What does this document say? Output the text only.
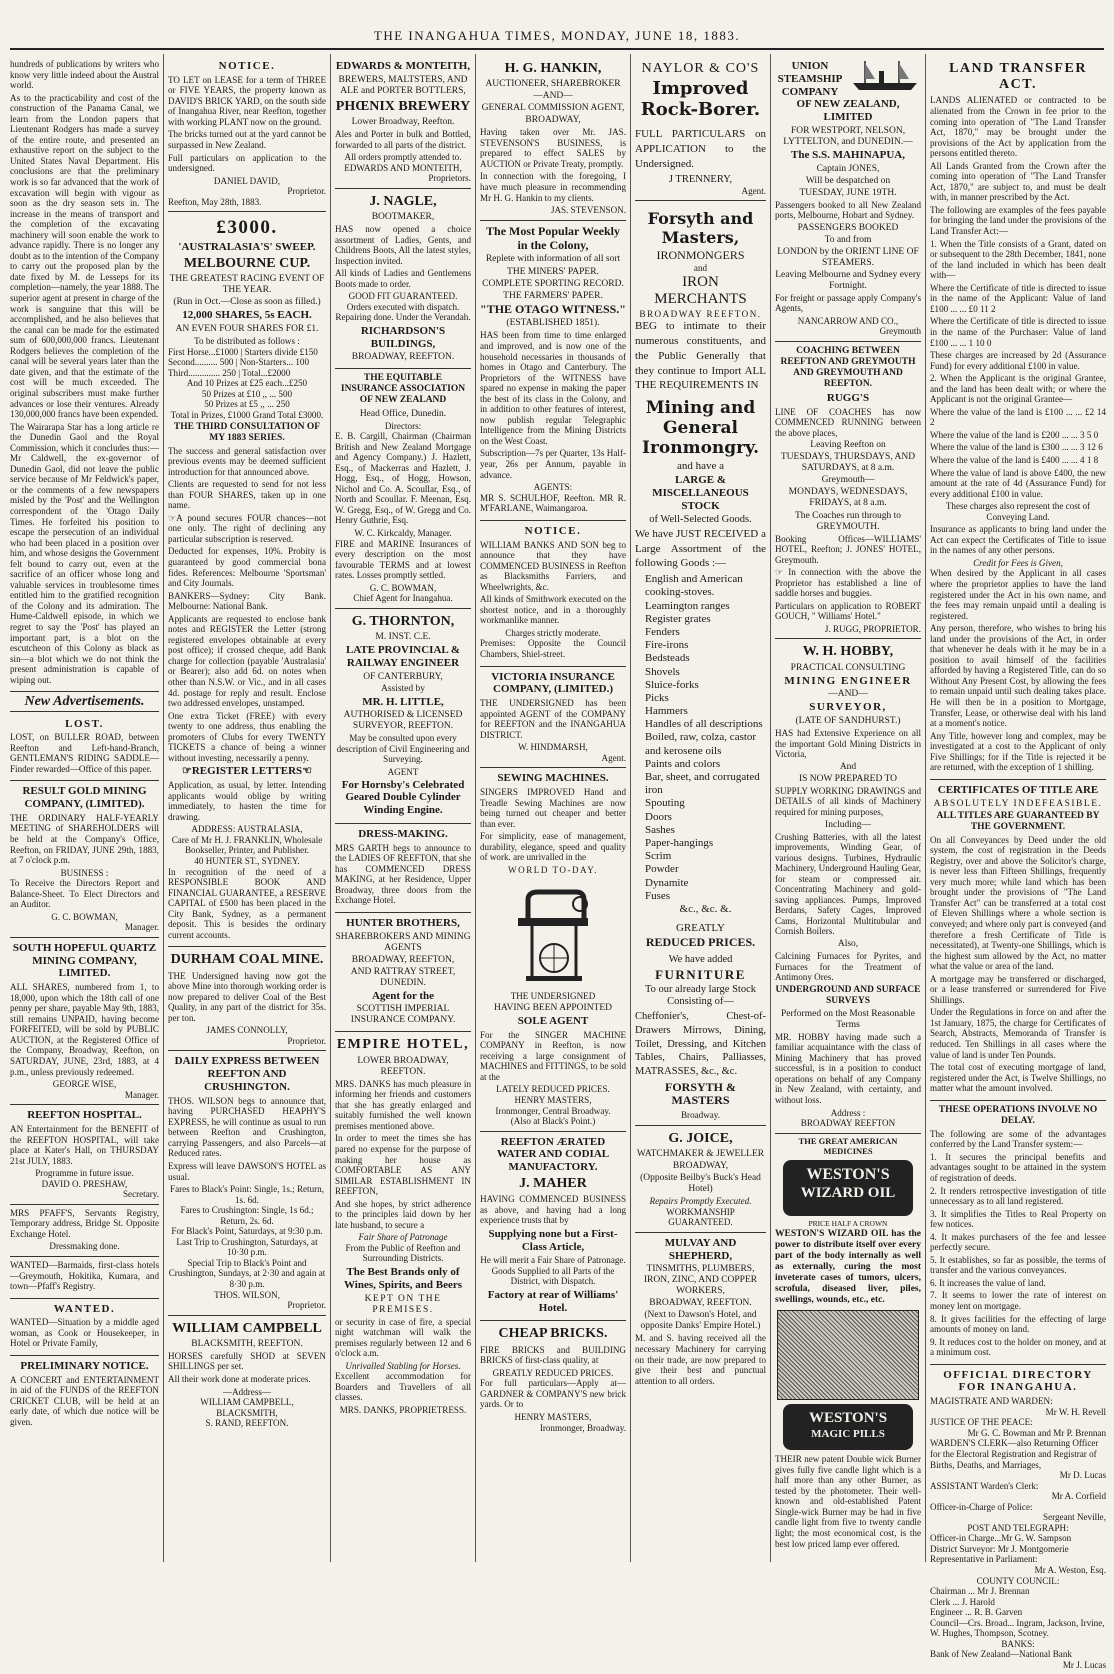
THE INANGAHUA TIMES, MONDAY, JUNE 18, 1883.

hundreds of publications by writers who know very little indeed about the Austral world.

As to the practicability and cost of the construction of the Panama Canal, we learn from the London papers that Lieutenant Rodgers has made a survey of the entire route, and presented an exhaustive report on the subject to the United States Naval Department. His conclusions are that the preliminary work is so far advanced that the work of excavation will begin with vigour as soon as the dry season sets in. The increase in the means of transport and the completion of the excavating machinery will soon enable the work to advance rapidly. There is no longer any doubt as to the intention of the Company to carry out the proposed plan by the date fixed by M. de Lesseps for its completion—namely, the year 1888. The superior agent at present in charge of the work is sanguine that this will be accomplished, and he also believes that the canal can be made for the estimated sum of 600,000,000 francs. Lieutenant Rodgers believes the completion of the canal will be several years later than the date given, and that the estimate of the cost will be much exceeded. The original subscribers must make further advances or lose their ventures. Already 130,000,000 francs have been expended.

The Wairarapa Star has a long article re the Dunedin Gaol and the Royal Commission, which it concludes thus:—Mr Caldwell, the ex-governor of Dunedin Gaol, did not leave the public service because of Mr Feldwick's paper, or the comments of a few newspapers misled by the 'Post' and the Wellington correspondent of the 'Otago Daily Times. He forfeited his position to escape the persecution of an individual who had been placed in a position over him, and whose designs the Government felt bound to carry out, even at the sacrifice of an officer whose long and valuable services in troublesome times entitled him to the gratified recognition of the Colony and its admiration. The Hume-Caldwell episode, in which we regret to say the 'Post' has played an important part, is a blot on the escutcheon of this Colony as black as sin—a blot which we do not think the present administration is capable of wiping out.

New Advertisements.
LOST.

LOST, on BULLER ROAD, between Reefton and Left-hand-Branch, GENTLEMAN'S RIDING SADDLE—Finder rewarded—Office of this paper.

RESULT GOLD MINING COMPANY, (LIMITED).

THE ORDINARY HALF-YEARLY MEETING of SHAREHOLDERS will be held at the Company's Office, Reefton, on FRIDAY, JUNE 29th, 1883, at 7 o'clock p.m.

BUSINESS :

To Receive the Directors Report and Balance-Sheet. To Elect Directors and an Auditor.

G. C. BOWMAN,
Manager.
SOUTH HOPEFUL QUARTZ MINING COMPANY, LIMITED.

ALL SHARES, numbered from 1, to 18,000, upon which the 18th call of one penny per share, payable May 9th, 1883, still remains UNPAID, having become FORFEITED, will be sold by PUBLIC AUCTION, at the Registered Office of the Company, Broadway, Reefton, on SATURDAY, JUNE, 23rd, 1883, at 4 p.m., unless previously redeemed.

GEORGE WISE,
Manager.
REEFTON HOSPITAL.

AN Entertainment for the BENEFIT of the REEFTON HOSPITAL, will take place at Kater's Hall, on THURSDAY 21st JULY, 1883.

Programme in future issue.
DAVID O. PRESHAW,
Secretary.

MRS PFAFF'S, Servants Registry, Temporary address, Bridge St. Opposite Exchange Hotel.

Dressmaking done.

WANTED—Barmaids, first-class hotels—Greymouth, Hokitika, Kumara, and town—Pfaff's Registry.

WANTED.

WANTED—Situation by a middle aged woman, as Cook or Housekeeper, in Hotel or Private Family,

PRELIMINARY NOTICE.

A CONCERT and ENTERTAINMENT in aid of the FUNDS of the REEFTON CRICKET CLUB, will be held at an early date, of which due notice will be given.

NOTICE.

TO LET on LEASE for a term of THREE or FIVE YEARS, the property known as DAVID'S BRICK YARD, on the south side of Inangahua River, near Reefton, together with working PLANT now on the ground.

The bricks turned out at the yard cannot be surpassed in New Zealand.

Full particulars on application to the undersigned.

DANIEL DAVID,
Proprietor.
Reefton, May 28th, 1883.
£3000.
'AUSTRALASIA'S' SWEEP.
MELBOURNE CUP.
THE GREATEST RACING EVENT OF THE YEAR.
(Run in Oct.—Close as soon as filled.)
12,000 SHARES, 5s EACH.
AN EVEN FOUR SHARES FOR £1.
To be distributed as follows :
First Horse...£1000 | Starters divide £150
Second.......... 500 | Non-Starters... 100
Third.............. 250 | Total...£2000
And 10 Prizes at £25 each...£250
50 Prizes at £10 ,, ... 500
50 Prizes at £5 ,, ... 250
Total in Prizes, £1000 Grand Total £3000.
THE THIRD CONSULTATION OF MY 1883 SERIES.

The success and general satisfaction over previous events may be deemed sufficient introduction for that announced above.

Clients are requested to send for not less than FOUR SHARES, taken up in one name.

☞A pound secures FOUR chances—not one only. The right of declining any particular subscription is reserved.

Deducted for expenses, 10%. Probity is guaranteed by good commercial bona fides. References: Melbourne 'Sportsman' and City Journals.

BANKERS—Sydney: City Bank. Melbourne: National Bank.

Applicants are requested to enclose bank notes and REGISTER the Letter (strong registered envelopes obtainable at every post office); if crossed cheque, add Bank charge for collection (payable 'Australasia' or Bearer); also add 6d. on notes when other than N.S.W. or Vic., and in all cases 4d. postage for reply and result. Enclose two addressed envelopes, unstamped.

One extra Ticket (FREE) with every twenty to one address, thus enabling the promoters of Clubs for every TWENTY TICKETS a chance of being a winner without investing, necessarily a penny.

☞REGISTER LETTERS☜

Application, as usual, by letter. Intending applicants would oblige by writing immediately, to hasten the time for drawing.

ADDRESS: AUSTRALASIA,
Care of Mr H. J. FRANKLIN, Wholesale Bookseller, Printer, and Publisher.
40 HUNTER ST., SYDNEY.

In recognition of the need of a RESPONSIBLE BOOK AND FINANCIAL GUARANTEE, a RESERVE CAPITAL of £500 has been placed in the City Bank, Sydney, as a permanent deposit. This is besides the ordinary current accounts.

DURHAM COAL MINE.

THE Undersigned having now got the above Mine into thorough working order is now prepared to deliver Coal of the Best Quality, in any part of the district for 35s. per ton.

JAMES CONNOLLY,
Proprietor.
DAILY EXPRESS BETWEEN REEFTON AND CRUSHINGTON.

THOS. WILSON begs to announce that, having PURCHASED HEAPHY'S EXPRESS, he will continue as usual to run between Reefton and Crushington, carrying Passengers, and also Parcels—at Reduced rates.

Express will leave DAWSON'S HOTEL as usual.

Fares to Black's Point: Single, 1s.; Return, 1s. 6d.
Fares to Crushington: Single, 1s 6d.; Return, 2s. 6d.
For Black's Point, Saturdays, at 9:30 p.m.
Last Trip to Crushington, Saturdays, at 10·30 p.m.
Special Trip to Black's Point and Crushington, Sundays, at 2·30 and again at 8·30 p.m.
THOS. WILSON,
Proprietor.
WILLIAM CAMPBELL
BLACKSMITH, REEFTON.

HORSES carefully SHOD at SEVEN SHILLINGS per set.

All their work done at moderate prices.

—Address—
WILLIAM CAMPBELL,
BLACKSMITH,
S. RAND, REEFTON.
EDWARDS & MONTEITH,
BREWERS, MALTSTERS, AND ALE and PORTER BOTTLERS,
PHŒNIX BREWERY
Lower Broadway, Reefton.

Ales and Porter in bulk and Bottled, forwarded to all parts of the district.

All orders promptly attended to.
EDWARDS AND MONTEITH,
Proprietors.
J. NAGLE,
BOOTMAKER,

HAS now opened a choice assortment of Ladies, Gents, and Childrens Boots, All the latest styles, Inspection invited.

All kinds of Ladies and Gentlemens Boots made to order.

GOOD FIT GUARANTEED.

Orders executed with dispatch. Repairing done. Under the Verandah.

RICHARDSON'S BUILDINGS,
BROADWAY, REEFTON.
THE EQUITABLE INSURANCE ASSOCIATION OF NEW ZEALAND
Head Office, Dunedin.
Directors:

E. B. Cargill, Chairman (Chairman British and New Zealand Mortgage and Agency Company.) J. Hazlett, Esq., of Mackerras and Hazlett, J. Hogg, Esq., of Hogg, Howson, Nichol and Co. A. Scoullar, Esq., of North and Scoullar. F. Meenan, Esq. W. Gregg, Esq., of W. Gregg and Co. Henry Guthrie, Esq.

W. C. Kirkcaldy, Manager.

FIRE and MARINE Insurances of every description on the most favourable TERMS and at lowest rates. Losses promptly settled.

G. C. BOWMAN,
Chief Agent for Inangahua.
G. THORNTON,
M. INST. C.E.
LATE PROVINCIAL & RAILWAY ENGINEER
OF CANTERBURY,
Assisted by
MR. H. LITTLE,
AUTHORISED & LICENSED SURVEYOR, REEFTON.

May be consulted upon every description of Civil Engineering and Surveying.

AGENT
For Hornsby's Celebrated Geared Double Cylinder Winding Engine.
DRESS-MAKING.

MRS GARTH begs to announce to the LADIES OF REEFTON, that she has COMMENCED DRESS MAKING, at her Residence, Upper Broadway, three doors from the Exchange Hotel.

HUNTER BROTHERS,
SHAREBROKERS AND MINING AGENTS
BROADWAY, REEFTON,
AND RATTRAY STREET, DUNEDIN.
Agent for the
SCOTTISH IMPERIAL INSURANCE COMPANY.
EMPIRE HOTEL,
LOWER BROADWAY, REEFTON.

MRS. DANKS has much pleasure in informing her friends and customers that she has greatly enlarged and suitably furnished the well known premises mentioned above.

In order to meet the times she has pared no expense for the purpose of making her house as COMFORTABLE AS ANY SIMILAR ESTABLISHMENT IN REEFTON,

And she hopes, by strict adherence to the principles laid down by her late husband, to secure a

Fair Share of Patronage

From the Public of Reefton and Surrounding Districts.

The Best Brands only of Wines, Spirits, and Beers
KEPT ON THE PREMISES.

or security in case of fire, a special night watchman will walk the premises regularly between 12 and 6 o'clock a.m.

Unrivalled Stabling for Horses.

Excellent accommodation for Boarders and Travellers of all classes.

MRS. DANKS, PROPRIETRESS.
H. G. HANKIN,
AUCTIONEER, SHAREBROKER
—AND—
GENERAL COMMISSION AGENT,
BROADWAY,

Having taken over Mr. JAS. STEVENSON'S BUSINESS, is prepared to effect SALES by AUCTION or Private Treaty, promptly.

In connection with the foregoing, I have much pleasure in recommending Mr H. G. Hankin to my clients.

JAS. STEVENSON.
The Most Popular Weekly in the Colony,
Replete with information of all sort
THE MINERS' PAPER.
COMPLETE SPORTING RECORD.
THE FARMERS' PAPER.
"THE OTAGO WITNESS."
(ESTABLISHED 1851).

HAS been from time to time enlarged and improved, and is now one of the household necessaries in thousands of homes in Otago and Canterbury. The Proprietors of the WITNESS have spared no expense in making the paper the best of its class in the Colony, and in addition to other features of interest, now publish regular Telegraphic Intelligence from the Mining Districts on the West Coast.

Subscription—7s per Quarter, 13s Half-year, 26s per Annum, payable in advance.

AGENTS:

MR S. SCHULHOF, Reefton. MR R. M'FARLANE, Waimangaroa.

NOTICE.

WILLIAM BANKS AND SON beg to announce that they have COMMENCED BUSINESS in Reefton as Blacksmiths Farriers, and Wheelwrights, &c.

All kinds of Smithwork executed on the shortest notice, and in a thoroughly workmanlike manner.

Charges strictly moderate.

Premises: Opposite the Council Chambers, Shiel-street.

VICTORIA INSURANCE COMPANY, (LIMITED.)

THE UNDERSIGNED has been appointed AGENT of the COMPANY for REEFTON and the INANGAHUA DISTRICT.

W. HINDMARSH,
Agent.
SEWING MACHINES.

SINGERS IMPROVED Hand and Treadle Sewing Machines are now being turned out cheaper and better than ever.

For simplicity, ease of management, durability, elegance, speed and quality of work. are unrivalled in the

WORLD TO-DAY.
THE UNDERSIGNED
HAVING BEEN APPOINTED
SOLE AGENT

For the SINGER MACHINE COMPANY in Reefton, is now receiving a large consignment of MACHINES and FITTINGS, to be sold at the

LATELY REDUCED PRICES.
HENRY MASTERS,
Ironmonger, Central Broadway.
(Also at Black's Point.)
REEFTON ÆRATED WATER AND CODIAL MANUFACTORY.
J. MAHER

HAVING COMMENCED BUSINESS as above, and having had a long experience trusts that by

Supplying none but a First-Class Article,
He will merit a Fair Share of Patronage.

Goods Supplied to all Parts of the District, with Dispatch.

Factory at rear of Williams' Hotel.
CHEAP BRICKS.

FIRE BRICKS and BUILDING BRICKS of first-class quality, at

GREATLY REDUCED PRICES.

For full particulars—Apply at—GARDNER & COMPANY'S new brick yards. Or to

HENRY MASTERS,
Ironmonger, Broadway.
NAYLOR & CO'S
Improved Rock-Borer.

FULL PARTICULARS on APPLICATION to the Undersigned.

J TRENNERY,
Agent.
Forsyth and Masters,
IRONMONGERS
and
IRON MERCHANTS
BROADWAY REEFTON.

BEG to intimate to their numerous constituents, and the Public Generally that they continue to Import ALL THE REQUIREMENTS IN

Mining and General Ironmongry.
and have a
LARGE & MISCELLANEOUS STOCK
of Well-Selected Goods.

We have JUST RECEIVED a Large Assortment of the following Goods :—

English and American cooking-stoves.
Leamington ranges
Register grates
Fenders
Fire-irons
Bedsteads
Shovels
Sluice-forks
Picks
Hammers
Handles of all descriptions
Boiled, raw, colza, castor and kerosene oils
Paints and colors
Bar, sheet, and corrugated iron
Spouting
Doors
Sashes
Paper-hangings
Scrim
Powder
Dynamite
Fuses
&c., &c. &.
GREATLY
REDUCED PRICES.
We have added
FURNITURE

To our already large Stock Consisting of—

Cheffonier's, Chest-of-Drawers Mirrows, Dining, Toilet, Dressing, and Kitchen Tables, Chairs, Palliasses, MATRASSES, &c., &c.

FORSYTH & MASTERS
Broadway.
G. JOICE,
WATCHMAKER & JEWELLER
BROADWAY,
(Opposite Beilby's Buck's Head Hotel)
Repairs Promptly Executed.
WORKMANSHIP GUARANTEED.
MULVAY AND SHEPHERD,
TINSMITHS, PLUMBERS, IRON, ZINC, AND COPPER WORKERS,
BROADWAY, REEFTON.
(Next to Dawson's Hotel, and opposite Danks' Empire Hotel.)

M. and S. having received all the necessary Machinery for carrying on their trade, are now prepared to give their best and punctual attention to all orders.

UNION STEAMSHIP COMPANY OF NEW ZEALAND, LIMITED
FOR WESTPORT, NELSON, LYTTELTON, and DUNEDIN.—
The S.S. MAHINAPUA,
Captain JONES,
Will be despatched on
TUESDAY, JUNE 19TH.

Passengers booked to all New Zealand ports, Melbourne, Hobart and Sydney.

PASSENGERS BOOKED
To and from
LONDON by the ORIENT LINE OF STEAMERS.
Leaving Melbourne and Sydney every Fortnight.

For freight or passage apply Company's Agents,

NANCARROW AND CO.,
Greymouth
COACHING BETWEEN REEFTON AND GREYMOUTH AND GREYMOUTH AND REEFTON.
RUGG'S

LINE OF COACHES has now COMMENCED RUNNING between the above places,

Leaving Reefton on
TUESDAYS, THURSDAYS, AND SATURDAYS, at 8 a.m.
Greymouth—
MONDAYS, WEDNESDAYS, FRIDAYS, at 8 a.m.
The Coaches run through to GREYMOUTH.

Booking Offices—WILLIAMS' HOTEL, Reefton; J. JONES' HOTEL, Greymouth.

☞ In connection with the above the Proprietor has established a line of saddle horses and buggies.

Particulars on application to ROBERT GOUCH, " Williams' Hotel."

J. RUGG, PROPRIETOR.
W. H. HOBBY,
PRACTICAL CONSULTING
MINING ENGINEER
—AND—
SURVEYOR,
(LATE OF SANDHURST.)

HAS had Extensive Experience on all the important Gold Mining Districts in Victoria,

And
IS NOW PREPARED TO

SUPPLY WORKING DRAWINGS and DETAILS of all kinds of Machinery required for mining purposes,

Including—

Crushing Batteries, with all the latest improvements, Winding Gear, of various designs. Turbines, Hydraulic Machinery, Underground Hauling Gear, for steam or compressed air. Concentrating Machinery and gold-saving appliances. Pumps, Improved Berdans, Safety Cages, Improved Cams, Horizontal Multitubular and Cornish Boilers.

Also,

Calcining Furnaces for Pyrites, and Furnaces for the Treatment of Antimony Ores.

UNDERGROUND AND SURFACE SURVEYS
Performed on the Most Reasonable Terms

MR. HOBBY having made such a familiar acquaintance with the class of Mining Machinery that has proved successful, is in a position to conduct operations on behalf of any Company in New Zealand, with certainty, and without loss.

Address :
BROADWAY REEFTON
THE GREAT AMERICAN MEDICINES
WESTON'S
WIZARD OIL
PRICE HALF A CROWN

WESTON'S WIZARD OIL has the power to distribute itself over every part of the body internally as well as externally, curing the most inveterate cases of tumors, ulcers, scrofula, diseased liver, piles, swellings, wounds, etc., etc.

WESTON'S
MAGIC PILLS

THEIR new patent Double wick Burner gives fully five candle light which is a half more than any other Burner, as tested by the photometer. Their well-known and old-established Patent Single-wick Burner may be had in five candle light from five to twenty candle light; the most economical cost, is the best low priced lamp ever offered.

LAND TRANSFER ACT.

LANDS ALIENATED or contracted to be alienated from the Crown in fee prior to the coming into operation of "The Land Transfer Act, 1870," may be brought under the provisions of the Act by application from the persons entitled thereto.

All Lands Granted from the Crown after the coming into operation of "The Land Transfer Act, 1870," are subject to, and must be dealt with, in manner prescribed by the Act.

The following are examples of the fees payable for bringing the land under the provisions of the Land Transfer Act:—

1. When the Title consists of a Grant, dated on or subsequent to the 28th December, 1841, none of the land included in which has been dealt with—

Where the Certificate of title is directed to issue in the name of the Applicant: Value of land £100 ... ... £0 11 2

Where the Certificate of title is directed to issue in the name of the Purchaser: Value of land £100 ... ... 1 10 0

These charges are increased by 2d (Assurance Fund) for every additional £100 in value.

2. When the Applicant is the original Grantee, and the land has been dealt with; or where the Applicant is not the original Grantee—

Where the value of the land is £100 ... ... £2 14 2

Where the value of the land is £200 ... ... 3 5 0

Where the value of the land is £300 ... ... 3 12 6

Where the value of the land is £400 ... ... 4 1 8

Where the value of land is above £400, the new amount at the rate of 4d (Assurance Fund) for every additional £100 in value.

These charges also represent the cost of Conveying Land.

Insurance as applicants to bring land under the Act can expect the Certificates of Title to issue in the names of any other persons.

Credit for Fees is Given,

When desired by the Applicant in all cases where the proprietor applies to have the land registered under the Act in his own name, and the fees may remain unpaid until a dealing is registered.

Any person, therefore, who wishes to bring his land under the provisions of the Act, in order that whenever he deals with it he may be in a position to avail himself of the facilities afforded by having a Registered Title, can do so Without Any Present Cost, by allowing the fees to remain unpaid until such dealing takes place. He will then be in a position to Mortgage, Transfer, Lease, or otherwise deal with his land at a moment's notice.

Any Title, however long and complex, may be investigated at a cost to the Applicant of only Five Shillings; for if the Title is rejected it be are returned, with the exception of 1 shilling.

CERTIFICATES OF TITLE ARE
ABSOLUTELY INDEFEASIBLE.
ALL TITLES ARE GUARANTEED BY THE GOVERNMENT.

On all Conveyances by Deed under the old system, the cost of registration in the Deeds Registry, over and above the Solicitor's charge, is never less than Fifteen Shillings, frequently very much more; while land which has been brought under the provisions of "The Land Transfer Act" can be transferred at a total cost of Eleven Shillings where a whole section is conveyed; and where only part is conveyed (and therefore a fresh Certificate of Title is necessitated), at Twenty-one Shillings, which is the highest sum allowed by the Act, no matter what the value or area of the land.

A mortgage may be transferred or discharged, or a lease transferred or surrendered for Five Shillings.

Under the Regulations in force on and after the 1st January, 1875, the charge for Certificates of Search, Abstracts, Memoranda of Transfer is reduced. Ten Shillings in all cases where the value of land is under Ten Pounds.

The total cost of executing mortgage of land, registered under the Act, is Twelve Shillings, no matter what the amount involved.

THESE OPERATIONS INVOLVE NO DELAY.

The following are some of the advantages conferred by the Land Transfer system:—

1. It secures the principal benefits and advantages sought to be attained in the system of registration of deeds.

2. It renders retrospective investigation of title unnecessary as to all land registered.

3. It simplifies the Titles to Real Property on few notices.

4. It makes purchasers of the fee and lessee perfectly secure.

5. It establishes, so far as possible, the terms of transfer and the various conveyances.

6. It increases the value of land.

7. It seems to lower the rate of interest on money lent on mortgage.

8. It gives facilities for the effecting of large amounts of money on land.

9. It reduces cost to the holder on money, and at a minimum cost.

OFFICIAL DIRECTORY FOR INANGAHUA.
MAGISTRATE AND WARDEN:
Mr W. H. Revell
JUSTICE OF THE PEACE:
Mr G. C. Bowman and Mr P. Brennan
WARDEN'S CLERK—also Returning Officer for the Electoral Registration and Registrar of Births, Deaths, and Marriages,
Mr D. Lucas
ASSISTANT Warden's Clerk:
Mr A. Corfield
Officer-in-Charge of Police:
Sergeant Neville,
POST AND TELEGRAPH:
Officer-in Charge...Mr G. W. Sampson
District Surveyor: Mr J. Montgomerie
Representative in Parliament:
Mr A. Weston, Esq.
COUNTY COUNCIL:
Chairman ... Mr J. Brennan
Clerk ... J. Harold
Engineer ... R. B. Garven
Council—Crs. Broad... Ingram, Jackson, Irvine, W. Hughes, Thompson, Scotney.
BANKS:
Bank of New Zealand—National Bank
Mr J. Lucas
